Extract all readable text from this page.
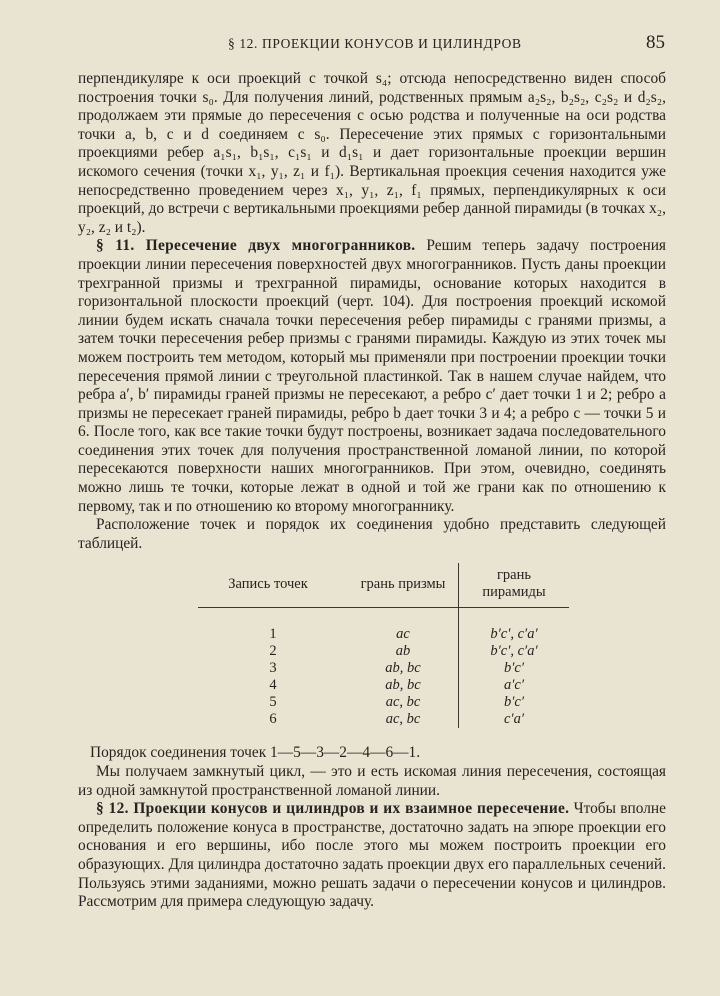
§ 12. ПРОЕКЦИИ КОНУСОВ И ЦИЛИНДРОВ	85

перпендикуляре к оси проекций с точкой s₄; отсюда непосредственно виден способ построения точки s₀. Для получения линий, родственных прямым a₂s₂, b₂s₂, c₂s₂ и d₂s₂, продолжаем эти прямые до пересечения с осью родства и полученные на оси родства точки a, b, c и d соединяем с s₀. Пересечение этих прямых с горизонтальными проекциями ребер a₁s₁, b₁s₁, c₁s₁ и d₁s₁ и дает горизонтальные проекции вершин искомого сечения (точки x₁, y₁, z₁ и f₁). Вертикальная проекция сечения находится уже непосредственно проведением через x₁, y₁, z₁, f₁ прямых, перпендикулярных к оси проекций, до встречи с вертикальными проекциями ребер данной пирамиды (в точках x₂, y₂, z₂ и t₂).

§ 11. Пересечение двух многогранников. Решим теперь задачу построения проекции линии пересечения поверхностей двух многогранников. Пусть даны проекции трехгранной призмы и трехгранной пирамиды, основание которых находится в горизонтальной плоскости проекций (черт. 104). Для построения проекций искомой линии будем искать сначала точки пересечения ребер пирамиды с гранями призмы, а затем точки пересечения ребер призмы с гранями пирамиды. Каждую из этих точек мы можем построить тем методом, который мы применяли при построении проекции точки пересечения прямой линии с треугольной пластинкой. Так в нашем случае найдем, что ребра a′, b′ пирамиды граней призмы не пересекают, а ребро c′ дает точки 1 и 2; ребро a призмы не пересекает граней пирамиды, ребро b дает точки 3 и 4; а ребро c — точки 5 и 6. После того, как все такие точки будут построены, возникает задача последовательного соединения этих точек для получения пространственной ломаной линии, по которой пересекаются поверхности наших многогранников. При этом, очевидно, соединять можно лишь те точки, которые лежат в одной и той же грани как по отношению к первому, так и по отношению ко второму многограннику.

Расположение точек и порядок их соединения удобно представить следующей таблицей.

Запись точек	грань призмы	грань пирамиды
1	ac	b′c′, c′a′
2	ab	b′c′, c′a′
3	ab, bc	b′c′
4	ab, bc	a′c′
5	ac, bc	b′c′
6	ac, bc	c′a′

Порядок соединения точек 1—5—3—2—4—6—1.

Мы получаем замкнутый цикл, — это и есть искомая линия пересечения, состоящая из одной замкнутой пространственной ломаной линии.

§ 12. Проекции конусов и цилиндров и их взаимное пересечение. Чтобы вполне определить положение конуса в пространстве, достаточно задать на эпюре проекции его основания и его вершины, ибо после этого мы можем построить проекции его образующих. Для цилиндра достаточно задать проекции двух его параллельных сечений. Пользуясь этими заданиями, можно решать задачи о пересечении конусов и цилиндров. Рассмотрим для примера следующую задачу.
